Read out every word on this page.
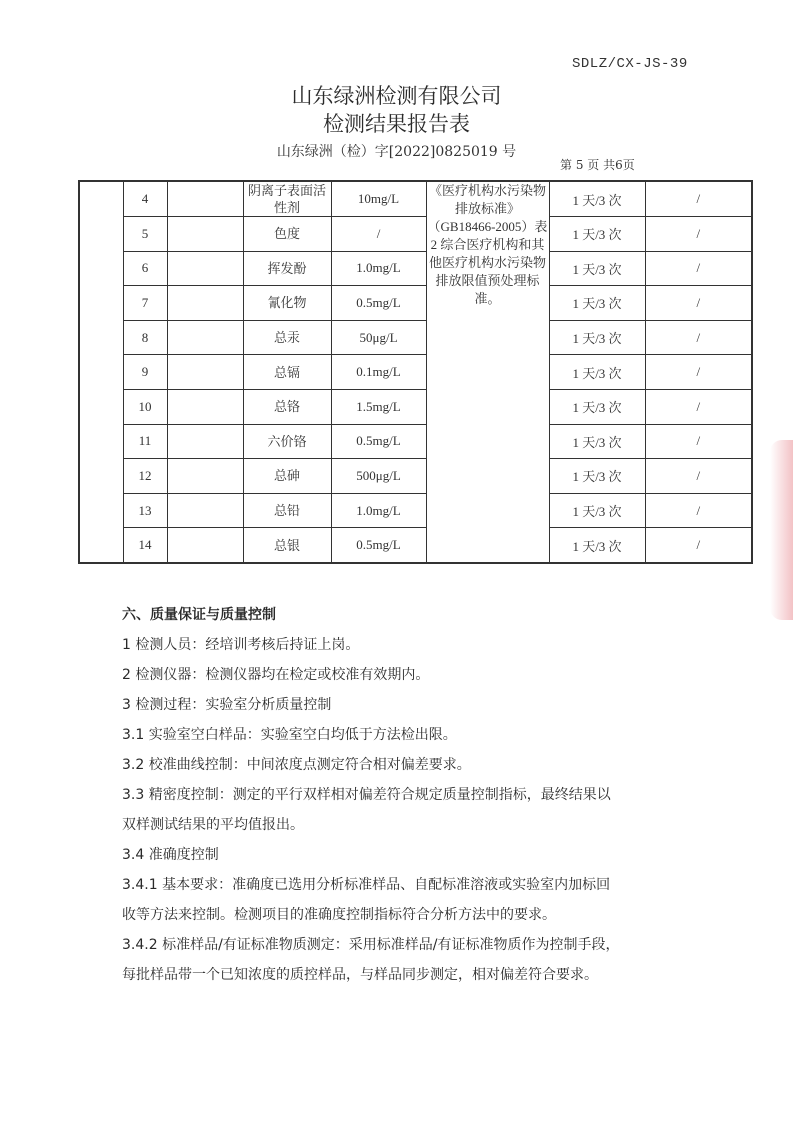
SDLZ/CX-JS-39
山东绿洲检测有限公司
检测结果报告表
山东绿洲（检）字[2022]0825019 号
第 5 页 共6页
	4		阴离子表面活性剂	10mg/L	《医疗机构水污染物排放标准》（GB18466-2005）表 2 综合医疗机构和其他医疗机构水污染物排放限值预处理标准。	1 天/3 次	/
	5		色度	/		1 天/3 次	/
	6		挥发酚	1.0mg/L		1 天/3 次	/
	7		氰化物	0.5mg/L		1 天/3 次	/
	8		总汞	50μg/L		1 天/3 次	/
	9		总镉	0.1mg/L		1 天/3 次	/
	10		总铬	1.5mg/L		1 天/3 次	/
	11		六价铬	0.5mg/L		1 天/3 次	/
	12		总砷	500μg/L		1 天/3 次	/
	13		总铅	1.0mg/L		1 天/3 次	/
	14		总银	0.5mg/L		1 天/3 次	/

六、质量保证与质量控制

1 检测人员：经培训考核后持证上岗。

2 检测仪器：检测仪器均在检定或校准有效期内。

3 检测过程：实验室分析质量控制

3.1 实验室空白样品：实验室空白均低于方法检出限。

3.2 校准曲线控制：中间浓度点测定符合相对偏差要求。

3.3 精密度控制：测定的平行双样相对偏差符合规定质量控制指标，最终结果以

双样测试结果的平均值报出。

3.4 准确度控制

3.4.1 基本要求：准确度已选用分析标准样品、自配标准溶液或实验室内加标回

收等方法来控制。检测项目的准确度控制指标符合分析方法中的要求。

3.4.2 标准样品/有证标准物质测定：采用标准样品/有证标准物质作为控制手段，

每批样品带一个已知浓度的质控样品，与样品同步测定，相对偏差符合要求。
